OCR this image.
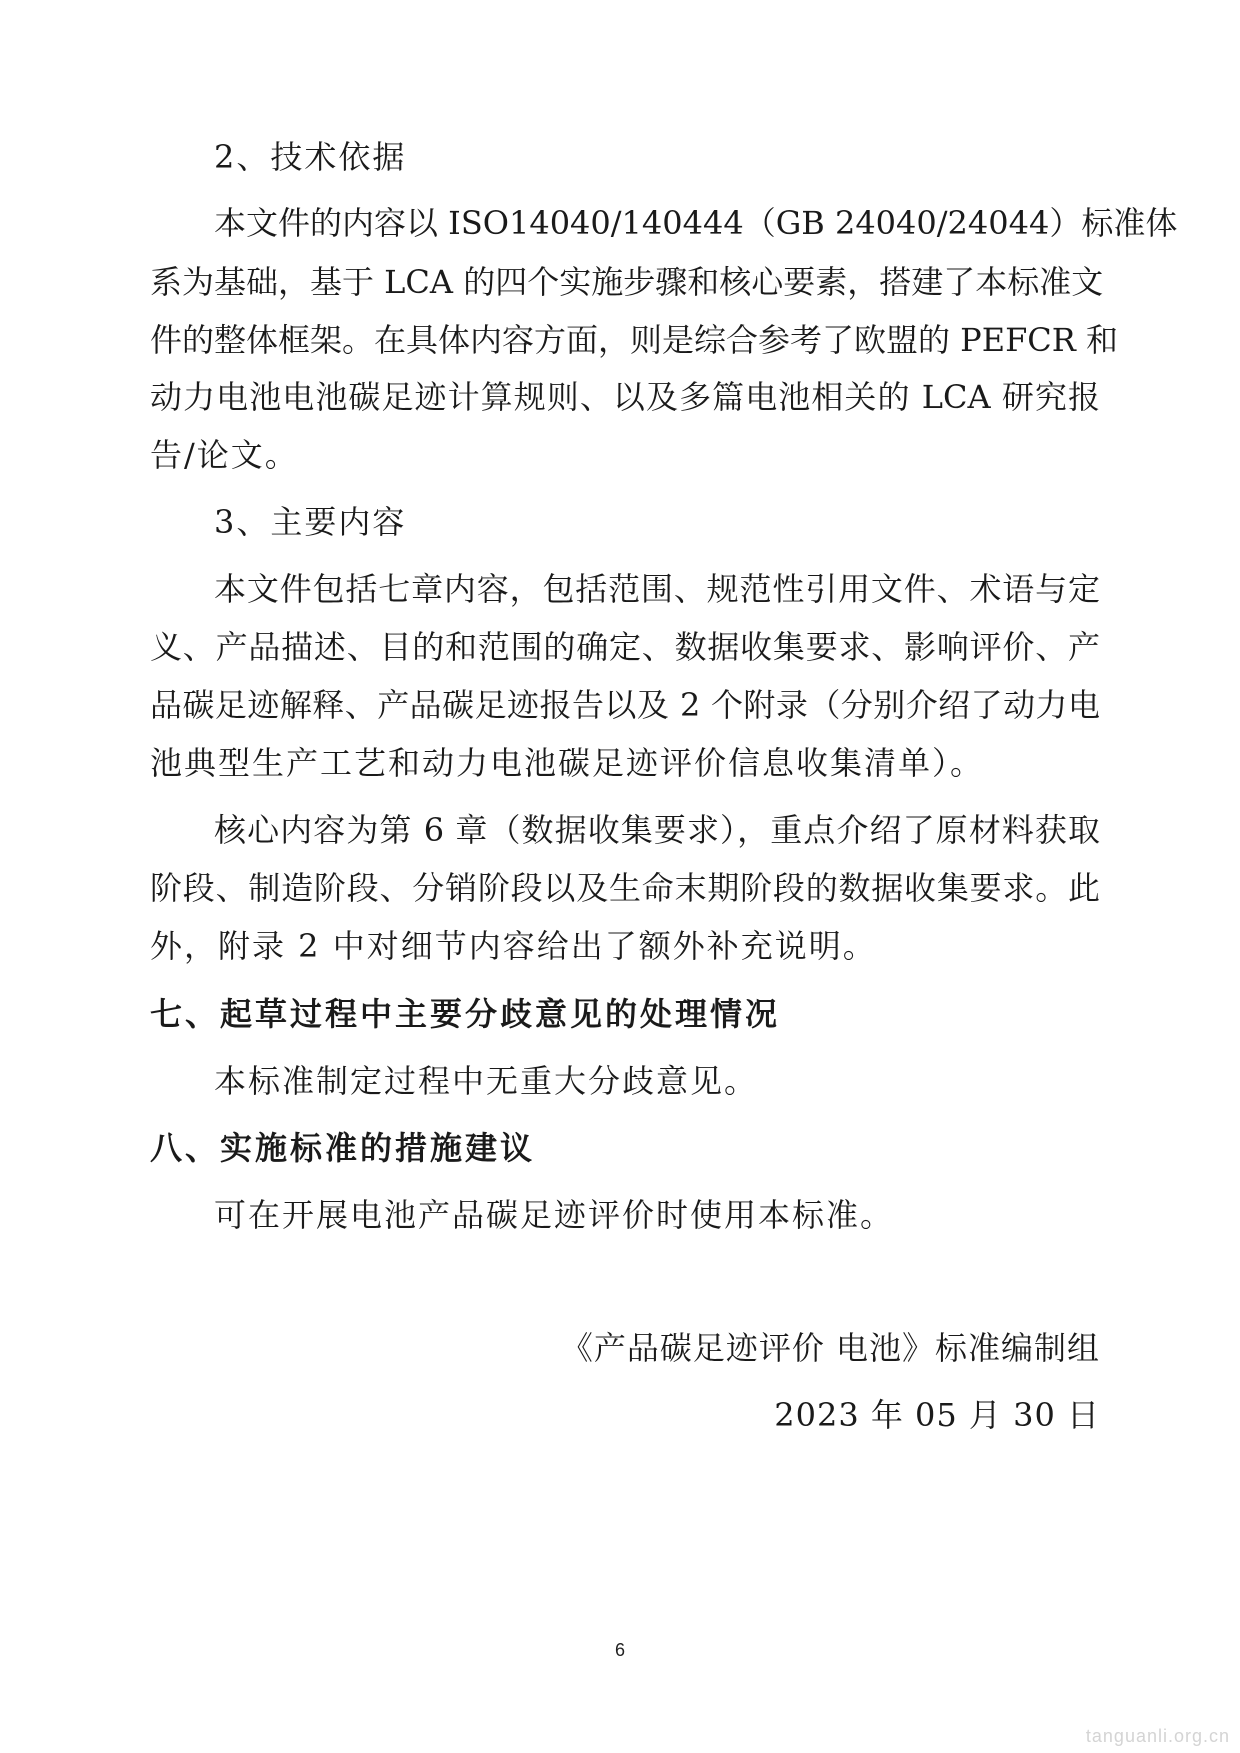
2、技术依据
本文件的内容以 ISO14040/140444（GB 24040/24044）标准体
系为基础，基于 LCA 的四个实施步骤和核心要素，搭建了本标准文
件的整体框架。在具体内容方面，则是综合参考了欧盟的 PEFCR 和
动力电池电池碳足迹计算规则、以及多篇电池相关的 LCA 研究报
告/论文。
3、主要内容
本文件包括七章内容，包括范围、规范性引用文件、术语与定
义、产品描述、目的和范围的确定、数据收集要求、影响评价、产
品碳足迹解释、产品碳足迹报告以及 2 个附录（分别介绍了动力电
池典型生产工艺和动力电池碳足迹评价信息收集清单）。
核心内容为第 6 章（数据收集要求），重点介绍了原材料获取
阶段、制造阶段、分销阶段以及生命末期阶段的数据收集要求。此
外，附录 2 中对细节内容给出了额外补充说明。
七、起草过程中主要分歧意见的处理情况
本标准制定过程中无重大分歧意见。
八、实施标准的措施建议
可在开展电池产品碳足迹评价时使用本标准。
《产品碳足迹评价 电池》标准编制组
2023 年 05 月 30 日
6
tanguanli.org.cn
